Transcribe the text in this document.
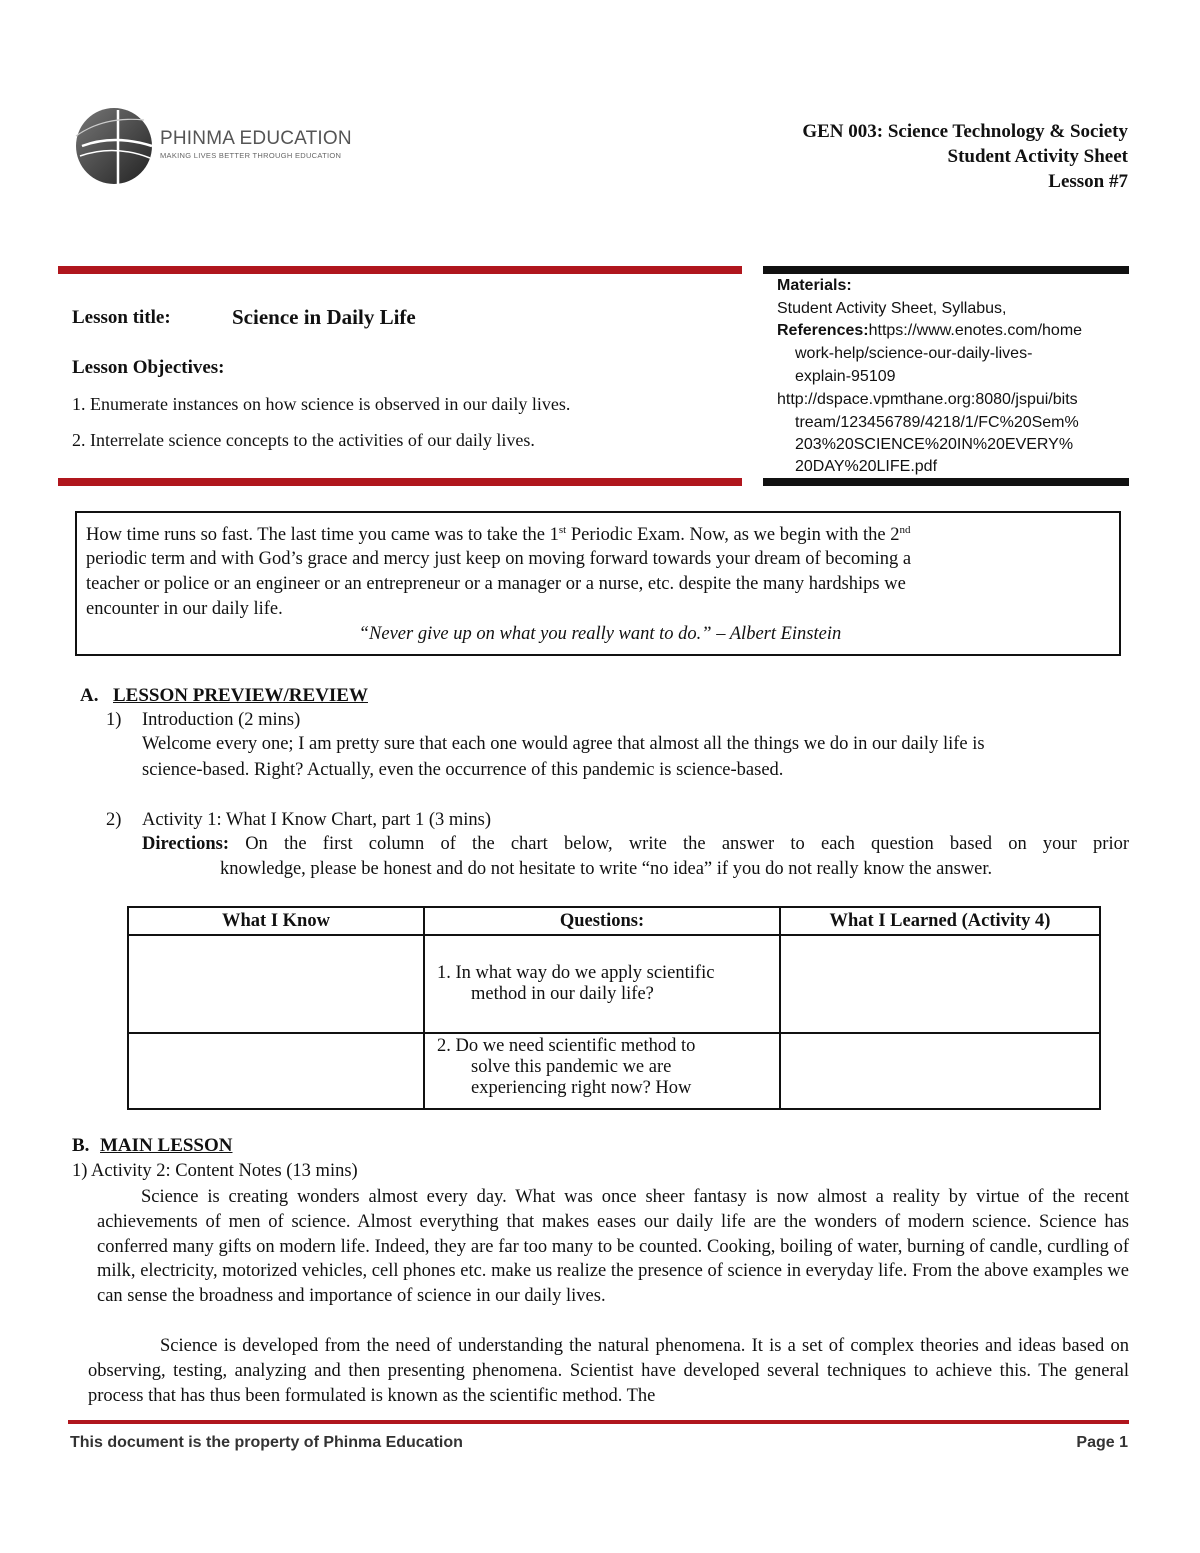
PHINMA EDUCATION
MAKING LIVES BETTER THROUGH EDUCATION
GEN 003: Science Technology & Society
Student Activity Sheet
Lesson #7
Lesson title:	Science in Daily Life
Lesson Objectives:
1. Enumerate instances on how science is observed in our daily lives.
2. Interrelate science concepts to the activities of our daily lives.
Materials:
Student Activity Sheet, Syllabus,
References:https://www.enotes.com/home
work-help/science-our-daily-lives-
explain-95109
http://dspace.vpmthane.org:8080/jspui/bits
tream/123456789/4218/1/FC%20Sem%
203%20SCIENCE%20IN%20EVERY%
20DAY%20LIFE.pdf
How time runs so fast. The last time you came was to take the 1st Periodic Exam. Now, as we begin with the 2nd
periodic term and with God’s grace and mercy just keep on moving forward towards your dream of becoming a
teacher or police or an engineer or an entrepreneur or a manager or a nurse, etc. despite the many hardships we
encounter in our daily life.
“Never give up on what you really want to do.” – Albert Einstein
A. LESSON PREVIEW/REVIEW
1) Introduction (2 mins)
Welcome every one; I am pretty sure that each one would agree that almost all the things we do in our daily life is
science-based. Right? Actually, even the occurrence of this pandemic is science-based.
2) Activity 1: What I Know Chart, part 1 (3 mins)
Directions: On the first column of the chart below, write the answer to each question based on your prior
knowledge, please be honest and do not hesitate to write “no idea” if you do not really know the answer.
What I Know	Questions:	What I Learned (Activity 4)

	1. In what way do we apply scientific
method in our daily life?	

	2. Do we need scientific method to
solve this pandemic we are
experiencing right now? How	

B. MAIN LESSON
1) Activity 2: Content Notes (13 mins)
Science is creating wonders almost every day. What was once sheer fantasy is now almost a reality by virtue of the recent achievements of men of science. Almost everything that makes eases our daily life are the wonders of modern science. Science has conferred many gifts on modern life. Indeed, they are far too many to be counted. Cooking, boiling of water, burning of candle, curdling of milk, electricity, motorized vehicles, cell phones etc. make us realize the presence of science in everyday life. From the above examples we can sense the broadness and importance of science in our daily lives.
Science is developed from the need of understanding the natural phenomena. It is a set of complex theories and ideas based on observing, testing, analyzing and then presenting phenomena. Scientist have developed several techniques to achieve this. The general process that has thus been formulated is known as the scientific method. The
This document is the property of Phinma Education	Page 1
